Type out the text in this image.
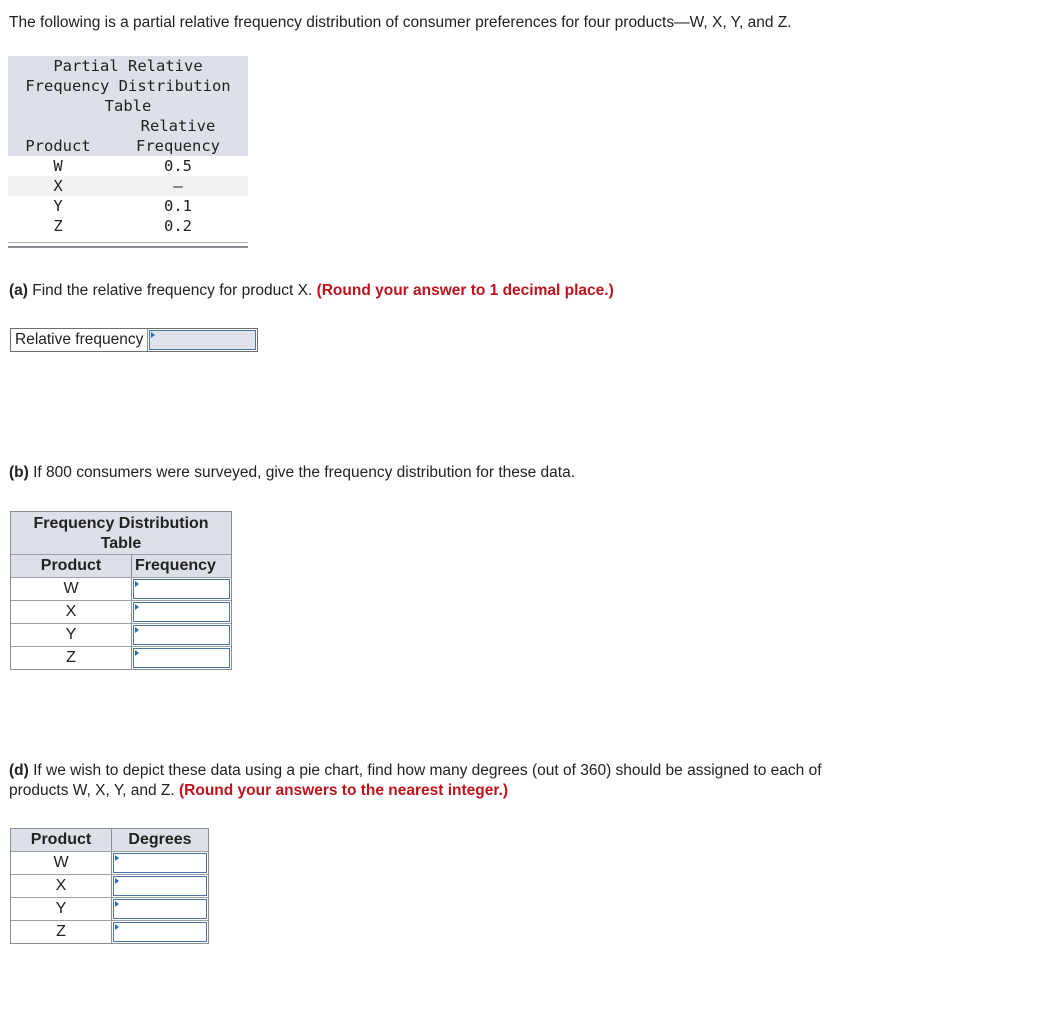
The following is a partial relative frequency distribution of consumer preferences for four products—W, X, Y, and Z.
Partial Relative
Frequency Distribution
Table
Product
Relative
Frequency
W	0.5
X	—
Y	0.1
Z	0.2
(a) Find the relative frequency for product X. (Round your answer to 1 decimal place.)
Relative frequency
(b) If 800 consumers were surveyed, give the frequency distribution for these data.
Frequency Distribution
Table
Product	Frequency
W
X
Y
Z
(d) If we wish to depict these data using a pie chart, find how many degrees (out of 360) should be assigned to each of
products W, X, Y, and Z. (Round your answers to the nearest integer.)
Product	Degrees
W
X
Y
Z
